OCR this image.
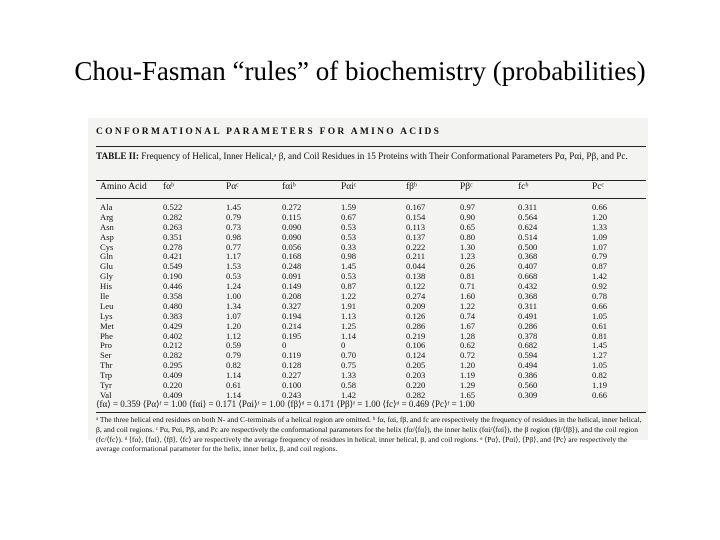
Chou-Fasman “rules” of biochemistry (probabilities)
CONFORMATIONAL PARAMETERS FOR AMINO ACIDS
TABLE II: Frequency of Helical, Inner Helical,ᵃ β, and Coil Residues in 15 Proteins with Their Conformational Parameters Pα, Pαi, Pβ, and Pc.
Amino Acid fαᵇ	Pαᶜ	fαiᵇ	Pαiᶜ	fβᵇ	Pβᶜ	fcᵇ	Pcᶜ
Ala	0.522	1.45	0.272	1.59	0.167	0.97	0.311	0.66
Arg	0.282	0.79	0.115	0.67	0.154	0.90	0.564	1.20
Asn	0.263	0.73	0.090	0.53	0.113	0.65	0.624	1.33
Asp	0.351	0.98	0.090	0.53	0.137	0.80	0.514	1.09
Cys	0.278	0.77	0.056	0.33	0.222	1.30	0.500	1.07
Gln	0.421	1.17	0.168	0.98	0.211	1.23	0.368	0.79
Glu	0.549	1.53	0.248	1.45	0.044	0.26	0.407	0.87
Gly	0.190	0.53	0.091	0.53	0.138	0.81	0.668	1.42
His	0.446	1.24	0.149	0.87	0.122	0.71	0.432	0.92
Ile	0.358	1.00	0.208	1.22	0.274	1.60	0.368	0.78
Leu	0.480	1.34	0.327	1.91	0.209	1.22	0.311	0.66
Lys	0.383	1.07	0.194	1.13	0.126	0.74	0.491	1.05
Met	0.429	1.20	0.214	1.25	0.286	1.67	0.286	0.61
Phe	0.402	1.12	0.195	1.14	0.219	1.28	0.378	0.81
Pro	0.212	0.59	0	0	0.106	0.62	0.682	1.45
Ser	0.282	0.79	0.119	0.70	0.124	0.72	0.594	1.27
Thr	0.295	0.82	0.128	0.75	0.205	1.20	0.494	1.05
Trp	0.409	1.14	0.227	1.33	0.203	1.19	0.386	0.82
Tyr	0.220	0.61	0.100	0.58	0.220	1.29	0.560	1.19
Val	0.409	1.14	0.243	1.42	0.282	1.65	0.309	0.66
⟨fα⟩ = 0.359 ⟨Pα⟩ᶠ = 1.00 ⟨fαi⟩ = 0.171 ⟨Pαi⟩ᶠ = 1.00 ⟨fβ⟩ᵈ = 0.171 ⟨Pβ⟩ᶠ = 1.00 ⟨fc⟩ᵈ = 0.469 ⟨Pc⟩ᶠ = 1.00
ᵃ The three helical end residues on both N- and C-terminals of a helical region are omitted. ᵇ fα, fαi, fβ, and fc are respectively the frequency of residues in the helical, inner helical, β, and coil regions. ᶜ Pα, Pαi, Pβ, and Pc are respectively the conformational parameters for the helix (fα/⟨fα⟩), the inner helix (fαi/⟨fαi⟩), the β region (fβ/⟨fβ⟩), and the coil region (fc/⟨fc⟩). ᵈ ⟨fα⟩, ⟨fαi⟩, ⟨fβ⟩, ⟨fc⟩ are respectively the average frequency of residues in helical, inner helical, β, and coil regions. ᵉ ⟨Pα⟩, ⟨Pαi⟩, ⟨Pβ⟩, and ⟨Pc⟩ are respectively the average conformational parameter for the helix, inner helix, β, and coil regions.
